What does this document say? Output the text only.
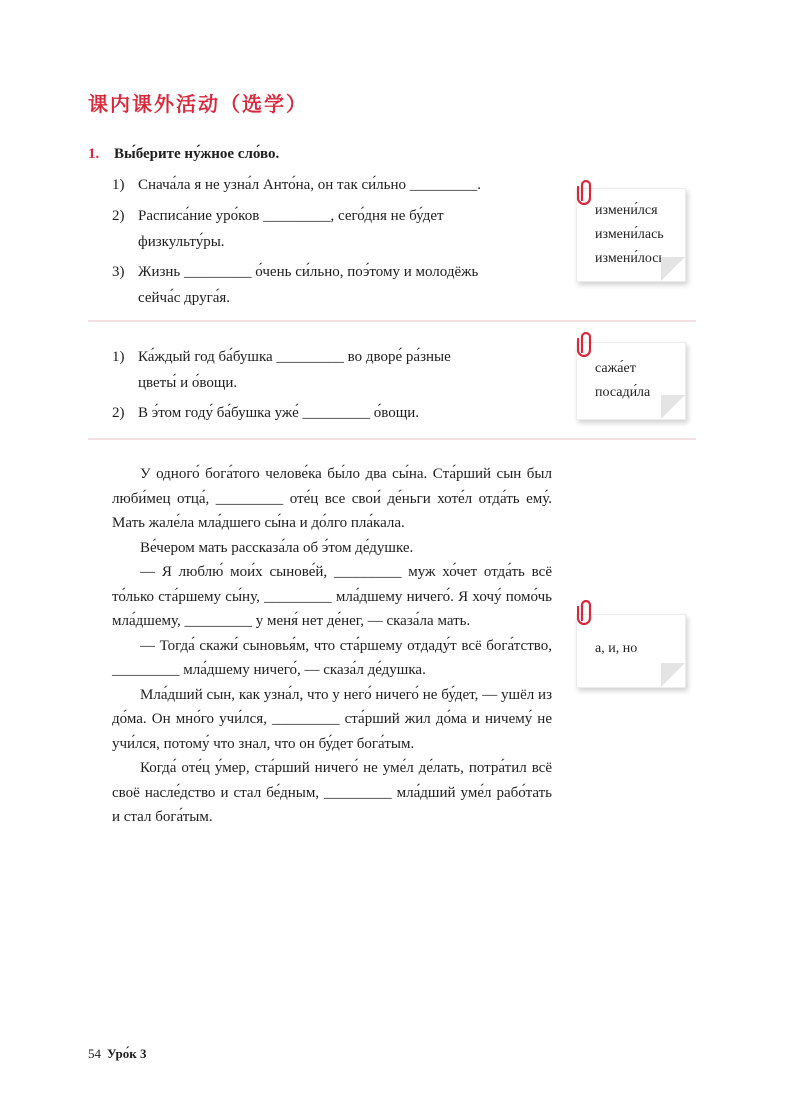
课内课外活动（选学）
1. Вы́берите ну́жное сло́во.
1) Снача́ла я не узна́л Анто́на, он так си́льно _________.
2) Расписа́ние уро́ков _________, сего́дня не бу́дет
физкульту́ры.
3) Жизнь _________ о́чень си́льно, поэ́тому и молодёжь
сейча́с друга́я.
измени́лся
измени́лась
измени́лось
1) Ка́ждый год ба́бушка _________ во дворе́ ра́зные
цветы́ и о́вощи.
2) В э́том году́ ба́бушка уже́ _________ о́вощи.
сажа́ет
посади́ла

У одного́ бога́того челове́ка бы́ло два сы́на. Ста́рший сын был люби́мец отца́, _________ оте́ц все свои́ де́ньги хоте́л отда́ть ему́. Мать жале́ла мла́дшего сы́на и до́лго пла́кала.

Ве́чером мать рассказа́ла об э́том де́душке.

— Я люблю́ мои́х сынове́й, _________ муж хо́чет отда́ть всё то́лько ста́ршему сы́ну, _________ мла́дшему ничего́. Я хочу́ помо́чь мла́дшему, _________ у меня́ нет де́нег, — сказа́ла мать.

— Тогда́ скажи́ сыновья́м, что ста́ршему отдаду́т всё бога́тство, _________ мла́дшему ничего́, — сказа́л де́душка.

Мла́дший сын, как узна́л, что у него́ ничего́ не бу́дет, — ушёл из до́ма. Он мно́го учи́лся, _________ ста́рший жил до́ма и ничему́ не учи́лся, потому́ что знал, что он бу́дет бога́тым.

Когда́ оте́ц у́мер, ста́рший ничего́ не уме́л де́лать, потра́тил всё своё насле́дство и стал бе́дным, _________ мла́дший уме́л рабо́тать и стал бога́тым.

а, и, но
54 Уро́к 3
